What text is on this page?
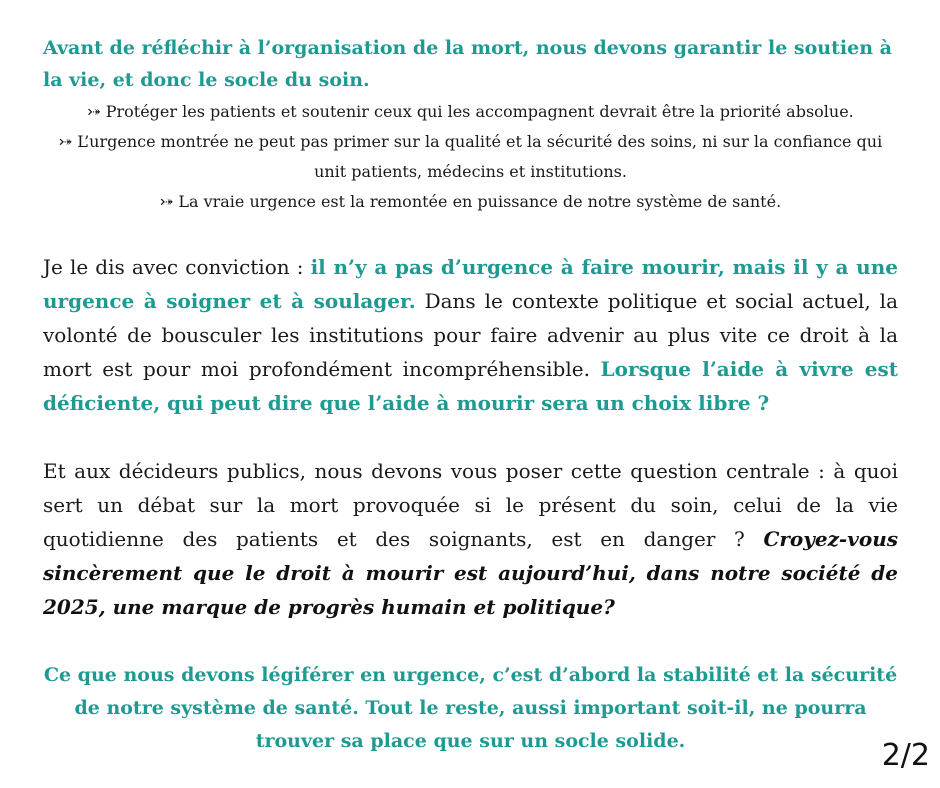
Avant de réfléchir à l’organisation de la mort, nous devons garantir le soutien à la vie, et donc le socle du soin.

⤐ Protéger les patients et soutenir ceux qui les accompagnent devrait être la priorité absolue.
⤐ L’urgence montrée ne peut pas primer sur la qualité et la sécurité des soins, ni sur la confiance qui unit patients, médecins et institutions.
⤐ La vraie urgence est la remontée en puissance de notre système de santé.

Je le dis avec conviction : il n’y a pas d’urgence à faire mourir, mais il y a une urgence à soigner et à soulager. Dans le contexte politique et social actuel, la volonté de bousculer les institutions pour faire advenir au plus vite ce droit à la mort est pour moi profondément incompréhensible. Lorsque l’aide à vivre est déficiente, qui peut dire que l’aide à mourir sera un choix libre ?

Et aux décideurs publics, nous devons vous poser cette question centrale : à quoi sert un débat sur la mort provoquée si le présent du soin, celui de la vie quotidienne des patients et des soignants, est en danger ? Croyez-vous sincèrement que le droit à mourir est aujourd’hui, dans notre société de 2025, une marque de progrès humain et politique?

Ce que nous devons légiférer en urgence, c’est d’abord la stabilité et la sécurité de notre système de santé. Tout le reste, aussi important soit-il, ne pourra trouver sa place que sur un socle solide.	2/2
